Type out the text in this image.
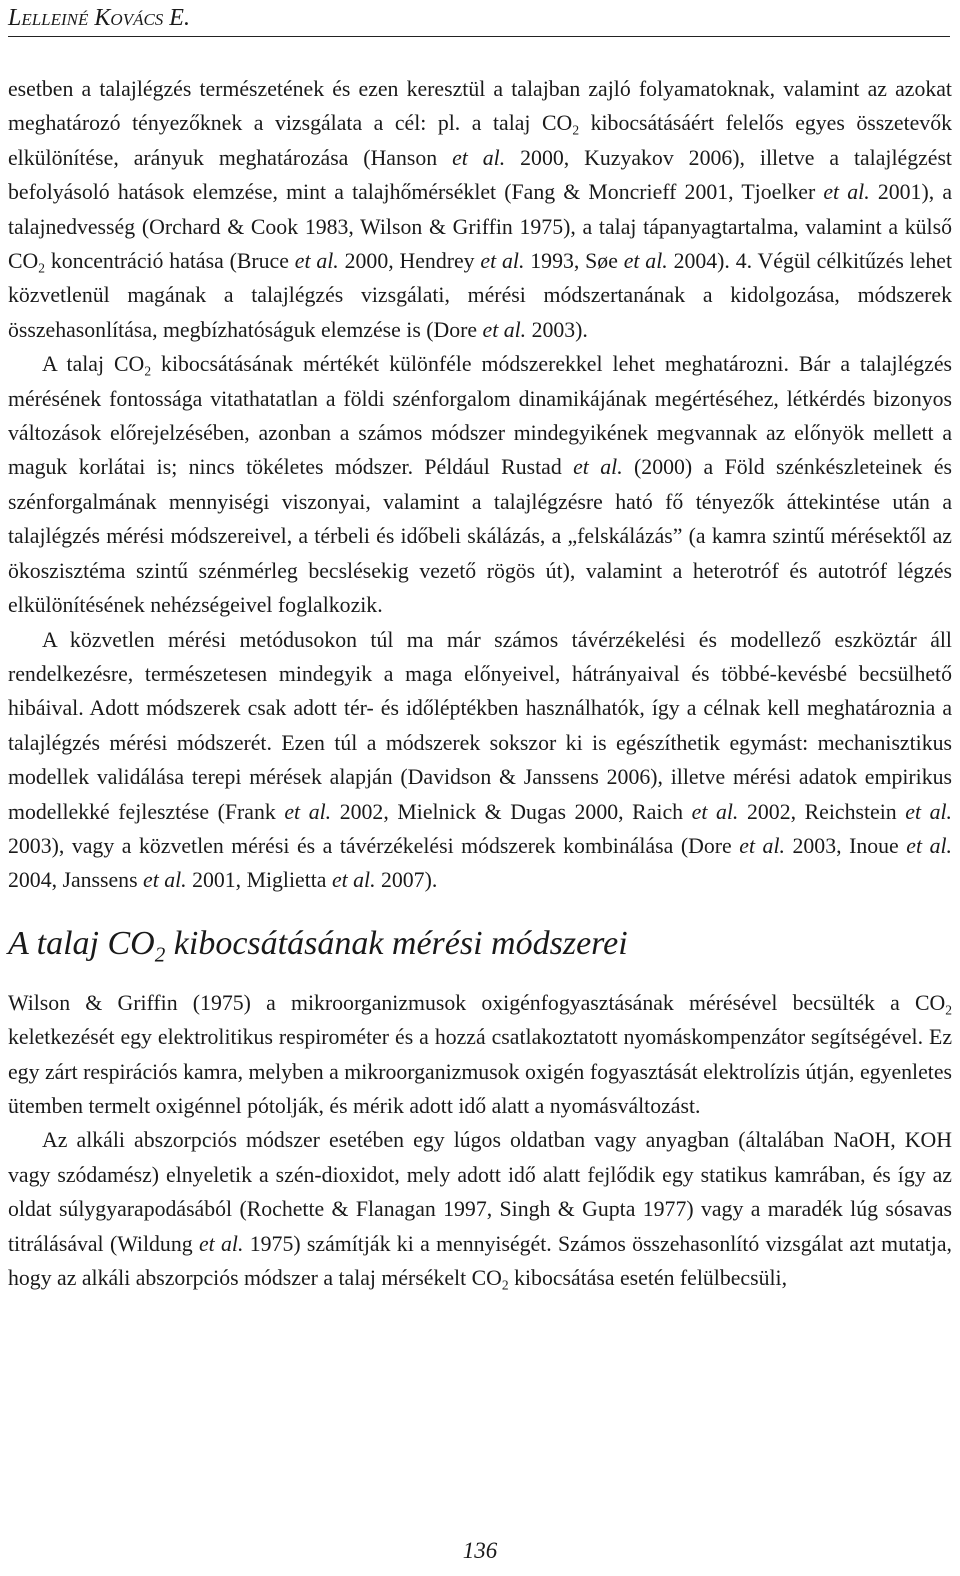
Lelleiné Kovács E.

esetben a talajlégzés természetének és ezen keresztül a talajban zajló folyamatoknak, valamint az azokat meghatározó tényezőknek a vizsgálata a cél: pl. a talaj $CO_2$ kibocsátásáért felelős egyes összetevők elkülönítése, arányuk meghatározása (Hanson et al. 2000, Kuzyakov 2006), illetve a talajlégzést befolyásoló hatások elemzése, mint a talajhőmérséklet (Fang & Moncrieff 2001, Tjoelker et al. 2001), a talajnedvesség (Orchard & Cook 1983, Wilson & Griffin 1975), a talaj tápanyagtartalma, valamint a külső $CO_2$ koncentráció hatása (Bruce et al. 2000, Hendrey et al. 1993, Søe et al. 2004). 4. Végül célkitűzés lehet közvetlenül magának a talajlégzés vizsgálati, mérési módszertanának a kidolgozása, módszerek összehasonlítása, megbízhatóságuk elemzése is (Dore et al. 2003).

A talaj $CO_2$ kibocsátásának mértékét különféle módszerekkel lehet meghatározni. Bár a talajlégzés mérésének fontossága vitathatatlan a földi szénforgalom dinamikájának megértéséhez, létkérdés bizonyos változások előrejelzésében, azonban a számos módszer mindegyikének megvannak az előnyök mellett a maguk korlátai is; nincs tökéletes módszer. Például Rustad et al. (2000) a Föld szénkészleteinek és szénforgalmának mennyiségi viszonyai, valamint a talajlégzésre ható fő tényezők áttekintése után a talajlégzés mérési módszereivel, a térbeli és időbeli skálázás, a „felskálázás” (a kamra szintű mérésektől az ökoszisztéma szintű szénmérleg becslésekig vezető rögös út), valamint a heterotróf és autotróf légzés elkülönítésének nehézségeivel foglalkozik.

A közvetlen mérési metódusokon túl ma már számos távérzékelési és modellező eszköztár áll rendelkezésre, természetesen mindegyik a maga előnyeivel, hátrányaival és többé-kevésbé becsülhető hibáival. Adott módszerek csak adott tér- és időléptékben használhatók, így a célnak kell meghatároznia a talajlégzés mérési módszerét. Ezen túl a módszerek sokszor ki is egészíthetik egymást: mechanisztikus modellek validálása terepi mérések alapján (Davidson & Janssens 2006), illetve mérési adatok empirikus modellekké fejlesztése (Frank et al. 2002, Mielnick & Dugas 2000, Raich et al. 2002, Reichstein et al. 2003), vagy a közvetlen mérési és a távérzékelési módszerek kombinálása (Dore et al. 2003, Inoue et al. 2004, Janssens et al. 2001, Miglietta et al. 2007).

A talaj $CO_2$ kibocsátásának mérési módszerei

Wilson & Griffin (1975) a mikroorganizmusok oxigénfogyasztásának mérésével becsülték a $CO_2$ keletkezését egy elektrolitikus respirométer és a hozzá csatlakoztatott nyomáskompenzátor segítségével. Ez egy zárt respirációs kamra, melyben a mikroorganizmusok oxigén fogyasztását elektrolízis útján, egyenletes ütemben termelt oxigénnel pótolják, és mérik adott idő alatt a nyomásváltozást.

Az alkáli abszorpciós módszer esetében egy lúgos oldatban vagy anyagban (általában NaOH, KOH vagy szódamész) elnyeletik a szén-dioxidot, mely adott idő alatt fejlődik egy statikus kamrában, és így az oldat súlygyarapodásából (Rochette & Flanagan 1997, Singh & Gupta 1977) vagy a maradék lúg sósavas titrálásával (Wildung et al. 1975) számítják ki a mennyiségét. Számos összehasonlító vizsgálat azt mutatja, hogy az alkáli abszorpciós módszer a talaj mérsékelt $CO_2$ kibocsátása esetén felülbecsüli,

136
